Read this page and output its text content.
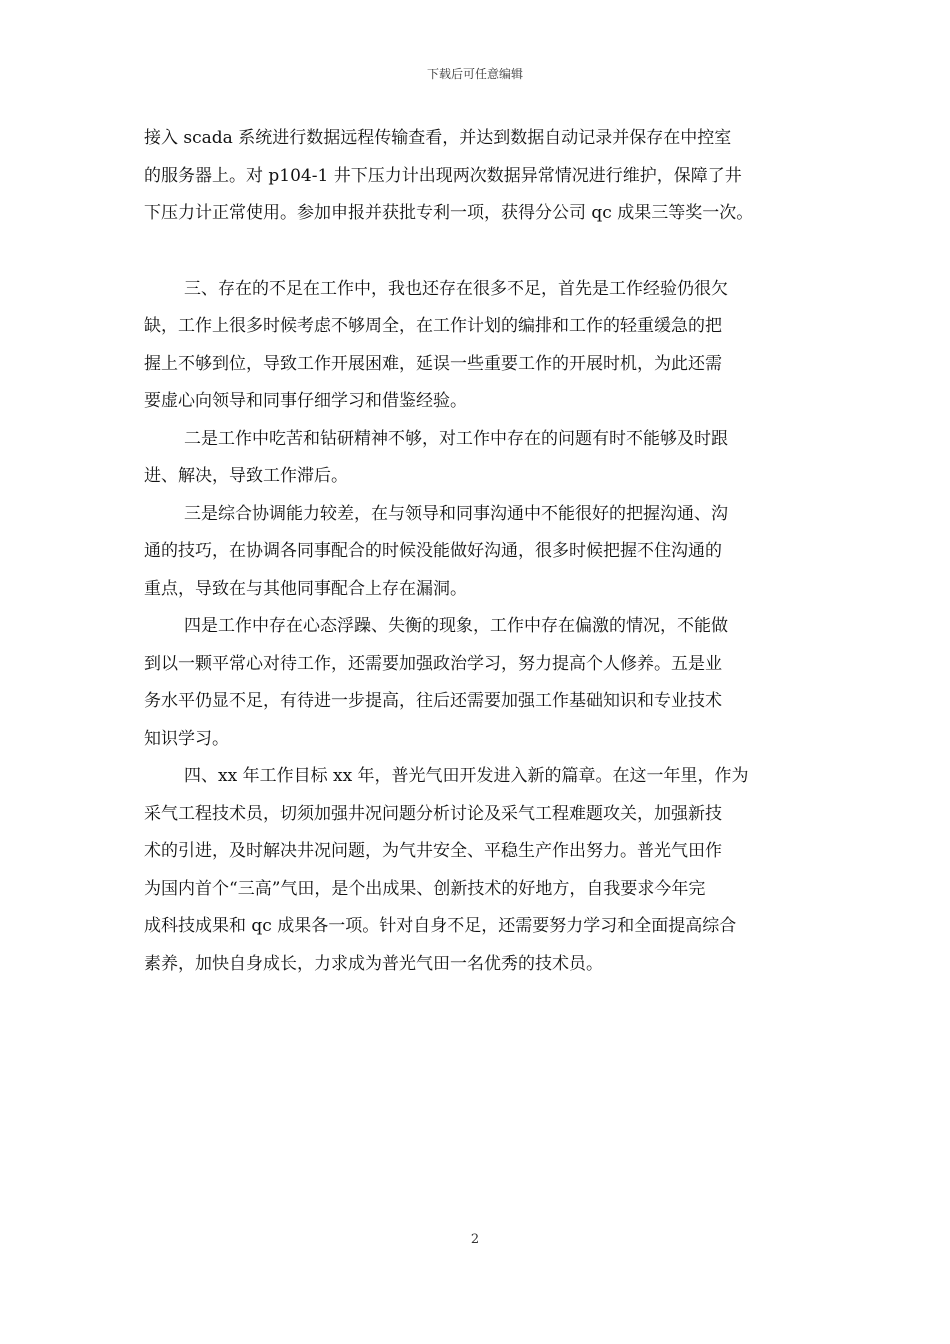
下载后可任意编辑
接入 scada 系统进行数据远程传输查看，并达到数据自动记录并保存在中控室
的服务器上。对 p104-1 井下压力计出现两次数据异常情况进行维护，保障了井
下压力计正常使用。参加申报并获批专利一项，获得分公司 qc 成果三等奖一次。
三、存在的不足在工作中，我也还存在很多不足，首先是工作经验仍很欠
缺，工作上很多时候考虑不够周全，在工作计划的编排和工作的轻重缓急的把
握上不够到位，导致工作开展困难，延误一些重要工作的开展时机，为此还需
要虚心向领导和同事仔细学习和借鉴经验。
二是工作中吃苦和钻研精神不够，对工作中存在的问题有时不能够及时跟
进、解决，导致工作滞后。
三是综合协调能力较差，在与领导和同事沟通中不能很好的把握沟通、沟
通的技巧，在协调各同事配合的时候没能做好沟通，很多时候把握不住沟通的
重点，导致在与其他同事配合上存在漏洞。
四是工作中存在心态浮躁、失衡的现象，工作中存在偏激的情况，不能做
到以一颗平常心对待工作，还需要加强政治学习，努力提高个人修养。五是业
务水平仍显不足，有待进一步提高，往后还需要加强工作基础知识和专业技术
知识学习。
四、xx 年工作目标 xx 年，普光气田开发进入新的篇章。在这一年里，作为
采气工程技术员，切须加强井况问题分析讨论及采气工程难题攻关，加强新技
术的引进，及时解决井况问题，为气井安全、平稳生产作出努力。普光气田作
为国内首个“三高”气田，是个出成果、创新技术的好地方，自我要求今年完
成科技成果和 qc 成果各一项。针对自身不足，还需要努力学习和全面提高综合
素养，加快自身成长，力求成为普光气田一名优秀的技术员。
2
